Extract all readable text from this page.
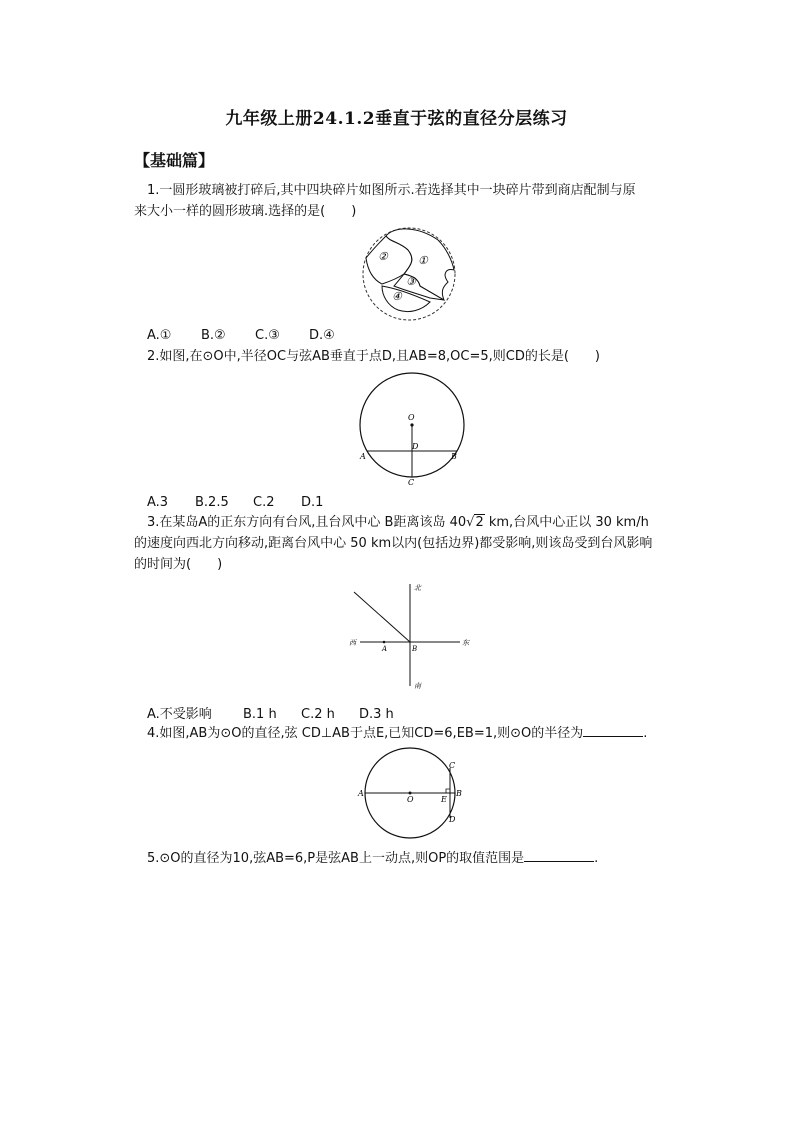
九年级上册24.1.2垂直于弦的直径分层练习
【基础篇】
1.一圆形玻璃被打碎后,其中四块碎片如图所示.若选择其中一块碎片带到商店配制与原
来大小一样的圆形玻璃.选择的是(　　)
①
②
③
④
A.① B.② C.③ D.④
2.如图,在⊙O中,半径OC与弦AB垂直于点D,且AB=8,OC=5,则CD的长是(　　)
O
D
A	B
C
A.3 B.2.5 C.2 D.1
3.在某岛A的正东方向有台风,且台风中心 B距离该岛 40√2 km,台风中心正以 30 km/h
的速度向西北方向移动,距离台风中心 50 km以内(包括边界)都受影响,则该岛受到台风影响
的时间为(　　)
北
南
西	东
A	B
A.不受影响 B.1 h C.2 h D.3 h
4.如图,AB为⊙O的直径,弦 CD⊥AB于点E,已知CD=6,EB=1,则⊙O的半径为	.
A
O	E
B
C
D
5.⊙O的直径为10,弦AB=6,P是弦AB上一动点,则OP的取值范围是	.
